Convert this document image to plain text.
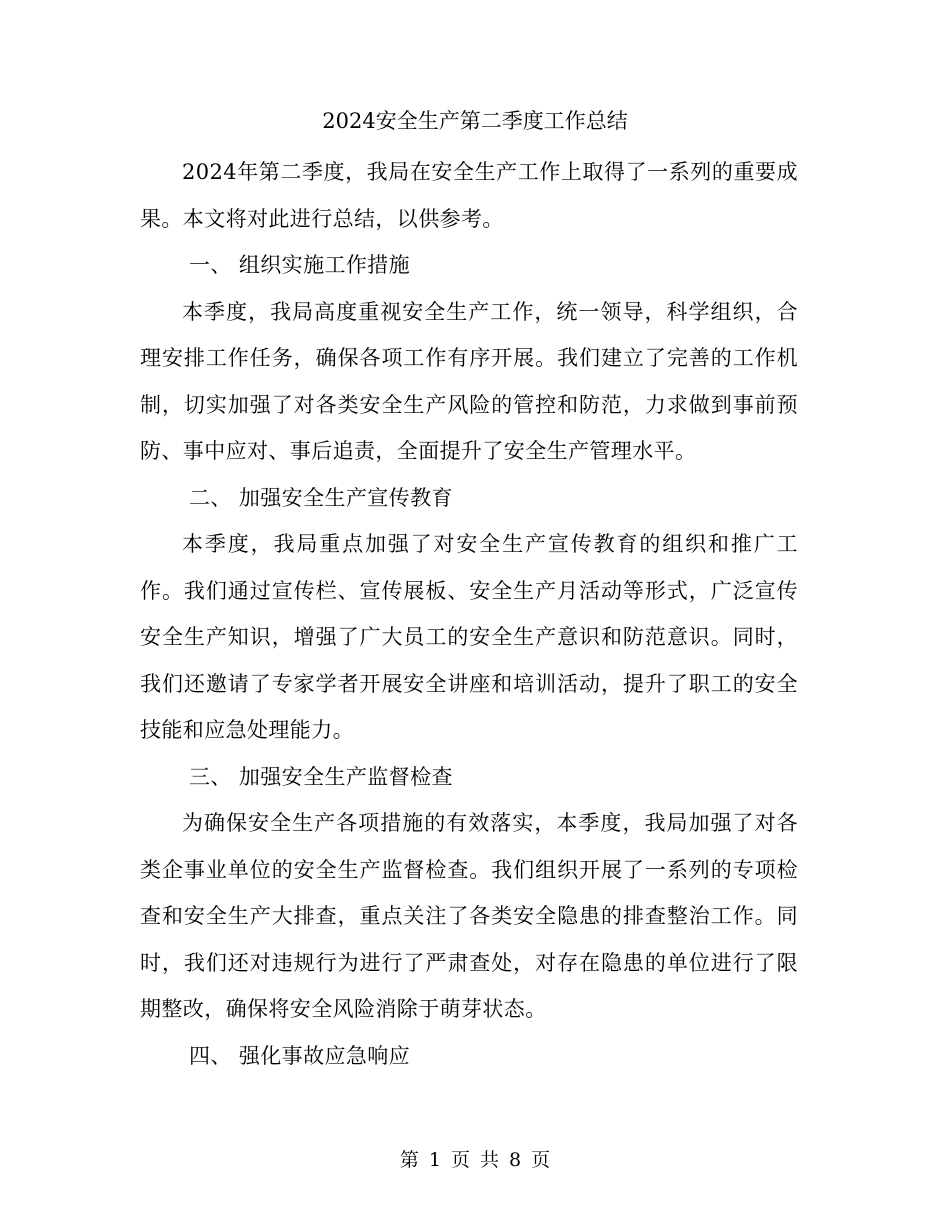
2024安全生产第二季度工作总结

2024年第二季度，我局在安全生产工作上取得了一系列的重要成果。本文将对此进行总结，以供参考。

一、 组织实施工作措施

本季度，我局高度重视安全生产工作，统一领导，科学组织，合理安排工作任务，确保各项工作有序开展。我们建立了完善的工作机制，切实加强了对各类安全生产风险的管控和防范，力求做到事前预防、事中应对、事后追责，全面提升了安全生产管理水平。

二、 加强安全生产宣传教育

本季度，我局重点加强了对安全生产宣传教育的组织和推广工作。我们通过宣传栏、宣传展板、安全生产月活动等形式，广泛宣传安全生产知识，增强了广大员工的安全生产意识和防范意识。同时，我们还邀请了专家学者开展安全讲座和培训活动，提升了职工的安全技能和应急处理能力。

三、 加强安全生产监督检查

为确保安全生产各项措施的有效落实，本季度，我局加强了对各类企事业单位的安全生产监督检查。我们组织开展了一系列的专项检查和安全生产大排查，重点关注了各类安全隐患的排查整治工作。同时，我们还对违规行为进行了严肃查处，对存在隐患的单位进行了限期整改，确保将安全风险消除于萌芽状态。

四、 强化事故应急响应

第 1 页 共 8 页
